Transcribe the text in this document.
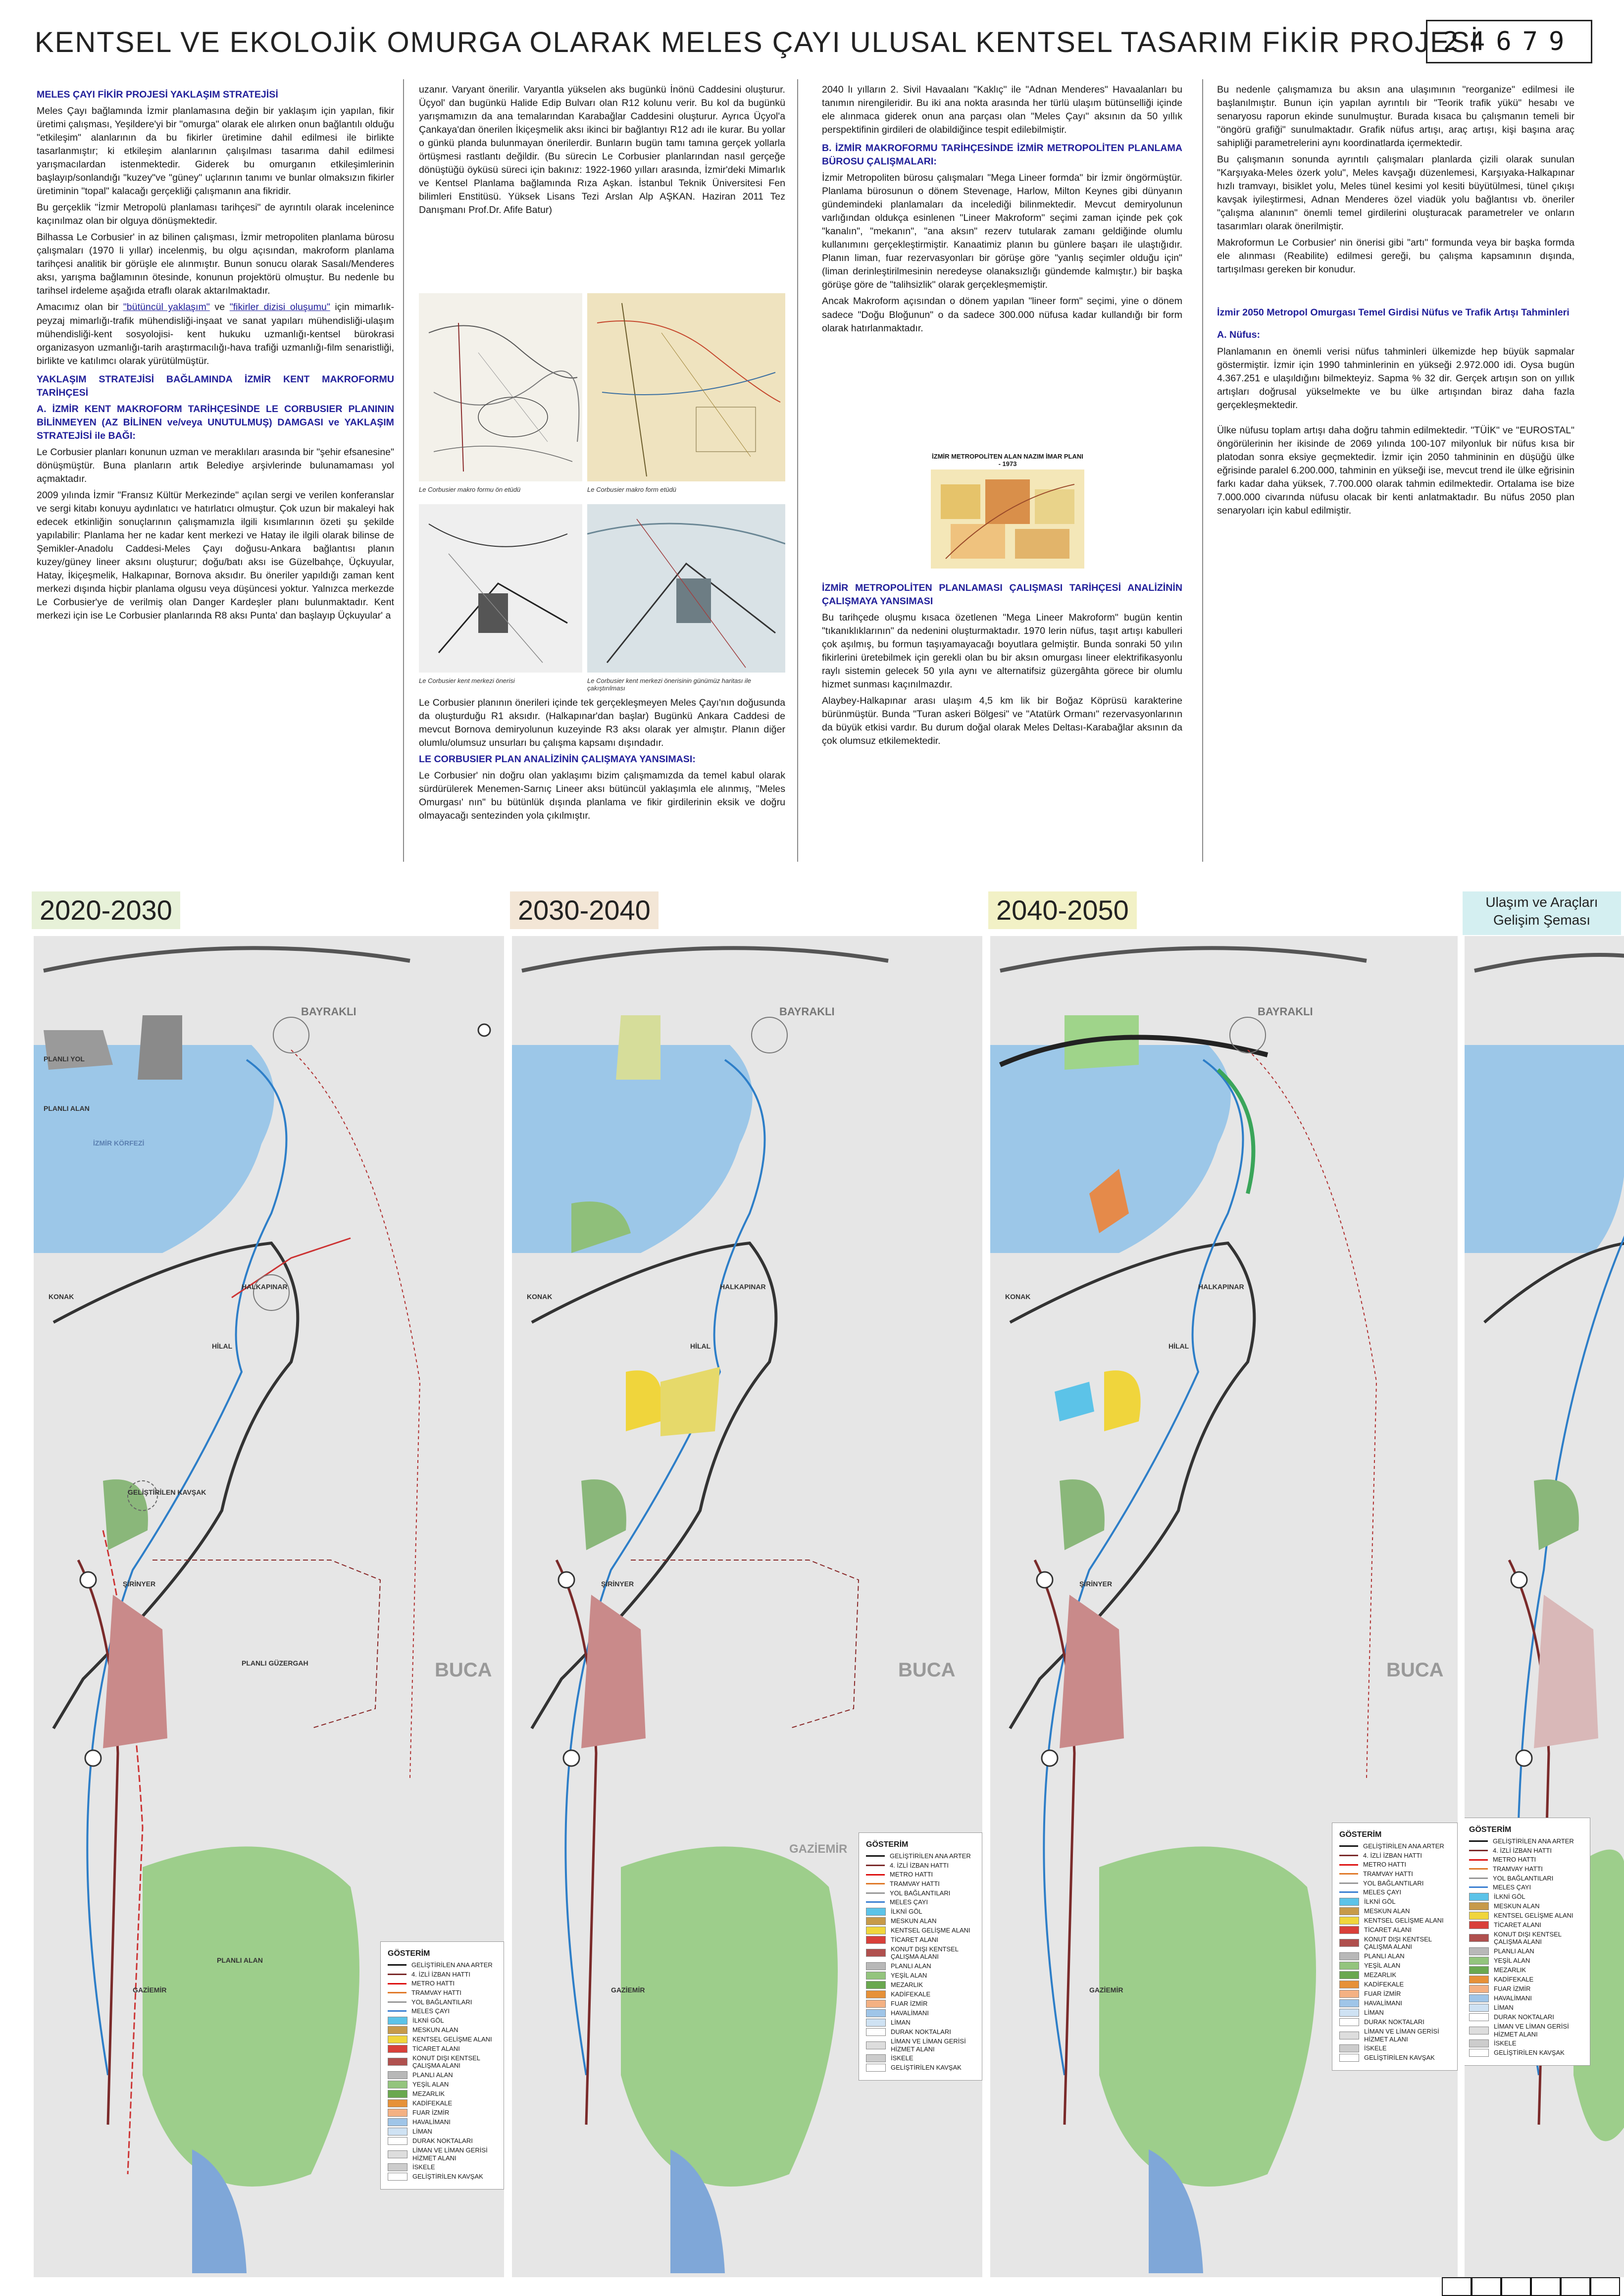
KENTSEL VE EKOLOJİK OMURGA OLARAK MELES ÇAYI ULUSAL KENTSEL TASARIM FİKİR PROJESİ
24679

MELES ÇAYI FİKİR PROJESİ YAKLAŞIM STRATEJİSİ

Meles Çayı bağlamında İzmir planlamasına değin bir yaklaşım için yapılan, fikir üretimi çalışması, Yeşildere'yi bir "omurga" olarak ele alırken onun bağlantılı olduğu "etkileşim" alanlarının da bu fikirler üretimine dahil edilmesi ile birlikte tasarlanmıştır; ki etkileşim alanlarının çalışılması tasarıma dahil edilmesi yarışmacılardan istenmektedir. Giderek bu omurganın etkileşimlerinin başlayıp/sonlandığı "kuzey"ve "güney" uçlarının tanımı ve bunlar olmaksızın fikirler üretiminin "topal" kalacağı gerçekliği çalışmanın ana fikridir.

Bu gerçeklik "İzmir Metropolü planlaması tarihçesi" de ayrıntılı olarak incelenince kaçınılmaz olan bir olguya dönüşmektedir.

Bilhassa Le Corbusier' in az bilinen çalışması, İzmir metropoliten planlama bürosu çalışmaları (1970 li yıllar) incelenmiş, bu olgu açısından, makroform planlama tarihçesi analitik bir görüşle ele alınmıştır. Bunun sonucu olarak Sasalı/Menderes aksı, yarışma bağlamının ötesinde, konunun projektörü olmuştur. Bu nedenle bu tarihsel irdeleme aşağıda etraflı olarak aktarılmaktadır.

Amacımız olan bir "bütüncül yaklaşım" ve "fikirler dizisi oluşumu" için mimarlık-peyzaj mimarlığı-trafik mühendisliği-inşaat ve sanat yapıları mühendisliği-ulaşım mühendisliği-kent sosyolojisi- kent hukuku uzmanlığı-kentsel bürokrasi organizasyon uzmanlığı-tarih araştırmacılığı-hava trafiği uzmanlığı-film senaristliği, birlikte ve katılımcı olarak yürütülmüştür.

YAKLAŞIM STRATEJİSİ BAĞLAMINDA İZMİR KENT MAKROFORMU TARİHÇESİ

A. İZMİR KENT MAKROFORM TARİHÇESİNDE LE CORBUSIER PLANININ BİLİNMEYEN (AZ BİLİNEN ve/veya UNUTULMUŞ) DAMGASI ve YAKLAŞIM STRATEJİSİ ile BAĞI:

Le Corbusier planları konunun uzman ve meraklıları arasında bir "şehir efsanesine" dönüşmüştür. Buna planların artık Belediye arşivlerinde bulunamaması yol açmaktadır.

2009 yılında İzmir "Fransız Kültür Merkezinde" açılan sergi ve verilen konferanslar ve sergi kitabı konuyu aydınlatıcı ve hatırlatıcı olmuştur. Çok uzun bir makaleyi hak edecek etkinliğin sonuçlarının çalışmamızla ilgili kısımlarının özeti şu şekilde yapılabilir: Planlama her ne kadar kent merkezi ve Hatay ile ilgili olarak bilinse de Şemikler-Anadolu Caddesi-Meles Çayı doğusu-Ankara bağlantısı planın kuzey/güney lineer aksını oluşturur; doğu/batı aksı ise Güzelbahçe, Üçkuyular, Hatay, İkiçeşmelik, Halkapınar, Bornova aksıdır. Bu öneriler yapıldığı zaman kent merkezi dışında hiçbir planlama olgusu veya düşüncesi yoktur. Yalnızca merkezde Le Corbusier'ye de verilmiş olan Danger Kardeşler planı bulunmaktadır. Kent merkezi için ise Le Corbusier planlarında R8 aksı Punta' dan başlayıp Üçkuyular' a

uzanır. Varyant önerilir. Varyantla yükselen aks bugünkü İnönü Caddesini oluşturur. Üçyol' dan bugünkü Halide Edip Bulvarı olan R12 kolunu verir. Bu kol da bugünkü yarışmamızın da ana temalarından Karabağlar Caddesini oluşturur. Ayrıca Üçyol'a Çankaya'dan önerilen İkiçeşmelik aksı ikinci bir bağlantıyı R12 adı ile kurar. Bu yollar o günkü planda bulunmayan önerilerdir. Bunların bugün tamı tamına gerçek yollarla örtüşmesi rastlantı değildir. (Bu sürecin Le Corbusier planlarından nasıl gerçeğe dönüştüğü öyküsü süreci için bakınız: 1922-1960 yılları arasında, İzmir'deki Mimarlık ve Kentsel Planlama bağlamında Rıza Aşkan. İstanbul Teknik Üniversitesi Fen bilimleri Enstitüsü. Yüksek Lisans Tezi Arslan Alp AŞKAN. Haziran 2011 Tez Danışmanı Prof.Dr. Afife Batur)

Le Corbusier makro formu ön etüdü	Le Corbusier makro form etüdü
Le Corbusier kent merkezi önerisi	Le Corbusier kent merkezi önerisinin günümüz haritası ile çakıştırılması

Le Corbusier planının önerileri içinde tek gerçekleşmeyen Meles Çayı'nın doğusunda da oluşturduğu R1 aksıdır. (Halkapınar'dan başlar) Bugünkü Ankara Caddesi de mevcut Bornova demiryolunun kuzeyinde R3 aksı olarak yer almıştır. Planın diğer olumlu/olumsuz unsurları bu çalışma kapsamı dışındadır.

LE CORBUSIER PLAN ANALİZİNİN ÇALIŞMAYA YANSIMASI:

Le Corbusier' nin doğru olan yaklaşımı bizim çalışmamızda da temel kabul olarak sürdürülerek Menemen-Sarnıç Lineer aksı bütüncül yaklaşımla ele alınmış, "Meles Omurgası' nın" bu bütünlük dışında planlama ve fikir girdilerinin eksik ve doğru olmayacağı sentezinden yola çıkılmıştır.

2040 lı yılların 2. Sivil Havaalanı "Kaklıç" ile "Adnan Menderes" Havaalanları bu tanımın nirengileridir. Bu iki ana nokta arasında her türlü ulaşım bütünselliği içinde ele alınmaca giderek onun ana parçası olan "Meles Çayı" aksının da 50 yıllık perspektifinin girdileri de olabildiğince tespit edilebilmiştir.

B. İZMİR MAKROFORMU TARİHÇESİNDE İZMİR METROPOLİTEN PLANLAMA BÜROSU ÇALIŞMALARI:

İzmir Metropoliten bürosu çalışmaları "Mega Lineer formda" bir İzmir öngörmüştür. Planlama bürosunun o dönem Stevenage, Harlow, Milton Keynes gibi dünyanın gündemindeki planlamaları da incelediği bilinmektedir. Mevcut demiryolunun varlığından oldukça esinlenen "Lineer Makroform" seçimi zaman içinde pek çok "kanalın", "mekanın", "ana aksın" rezerv tutularak zamanı geldiğinde olumlu kullanımını gerçekleştirmiştir. Kanaatimiz planın bu günlere başarı ile ulaştığıdır. Planın liman, fuar rezervasyonları bir görüşe göre "yanlış seçimler olduğu için" (liman derinleştirilmesinin neredeyse olanaksızlığı gündemde kalmıştır.) bir başka görüşe göre de "talihsizlik" olarak gerçekleşmemiştir.

Ancak Makroform açısından o dönem yapılan "lineer form" seçimi, yine o dönem sadece "Doğu Bloğunun" o da sadece 300.000 nüfusa kadar kullandığı bir form olarak hatırlanmaktadır.

İZMİR METROPOLİTEN ALAN NAZIM İMAR PLANI - 1973

İZMİR METROPOLİTEN PLANLAMASI ÇALIŞMASI TARİHÇESİ ANALİZİNİN ÇALIŞMAYA YANSIMASI

Bu tarihçede oluşmu kısaca özetlenen "Mega Lineer Makroform" bugün kentin "tıkanıklıklarının" da nedenini oluşturmaktadır. 1970 lerin nüfus, taşıt artışı kabulleri çok aşılmış, bu formun taşıyamayacağı boyutlara gelmiştir. Bunda sonraki 50 yılın fikirlerini üretebilmek için gerekli olan bu bir aksın omurgası lineer elektrifikasyonlu raylı sistemin gelecek 50 yıla aynı ve alternatifsiz güzergâhta görece bir olumlu hizmet sunması kaçınılmazdır.

Alaybey-Halkapınar arası ulaşım 4,5 km lik bir Boğaz Köprüsü karakterine bürünmüştür. Bunda "Turan askeri Bölgesi" ve "Atatürk Ormanı" rezervasyonlarının da büyük etkisi vardır. Bu durum doğal olarak Meles Deltası-Karabağlar aksının da çok olumsuz etkilemektedir.

Bu nedenle çalışmamıza bu aksın ana ulaşımının "reorganize" edilmesi ile başlanılmıştır. Bunun için yapılan ayrıntılı bir "Teorik trafik yükü" hesabı ve senaryosu raporun ekinde sunulmuştur. Burada kısaca bu çalışmanın temeli bir "öngörü grafiği" sunulmaktadır. Grafik nüfus artışı, araç artışı, kişi başına araç sahipliği parametrelerini aynı koordinatlarda içermektedir.

Bu çalışmanın sonunda ayrıntılı çalışmaları planlarda çizili olarak sunulan "Karşıyaka-Meles özerk yolu", Meles kavşağı düzenlemesi, Karşıyaka-Halkapınar hızlı tramvayı, bisiklet yolu, Meles tünel kesimi yol kesiti büyütülmesi, tünel çıkışı kavşak iyileştirmesi, Adnan Menderes özel viadük yolu bağlantısı vb. öneriler "çalışma alanının" önemli temel girdilerini oluşturacak parametreler ve onların tasarımları olarak önerilmiştir.

Makroformun Le Corbusier' nin önerisi gibi "artı" formunda veya bir başka formda ele alınması (Reabilite) edilmesi gereği, bu çalışma kapsamının dışında, tartışılması gereken bir konudur.

İzmir 2050 Metropol Omurgası Temel Girdisi Nüfus ve Trafik Artışı Tahminleri

A. Nüfus:

Planlamanın en önemli verisi nüfus tahminleri ülkemizde hep büyük sapmalar göstermiştir. İzmir için 1990 tahminlerinin en yükseği 2.972.000 idi. Oysa bugün 4.367.251 e ulaşıldığını bilmekteyiz. Sapma % 32 dir. Gerçek artışın son on yıllık artışları doğrusal yükselmekte ve bu ülke artışından biraz daha fazla gerçekleşmektedir.

Ülke nüfusu toplam artışı daha doğru tahmin edilmektedir. "TÜİK" ve "EUROSTAL" öngörülerinin her ikisinde de 2069 yılında 100-107 milyonluk bir nüfus kısa bir platodan sonra eksiye geçmektedir. İzmir için 2050 tahmininin en düşüğü ülke eğrisinde paralel 6.200.000, tahminin en yükseği ise, mevcut trend ile ülke eğrisinin farkı kadar daha yüksek, 7.700.000 olarak tahmin edilmektedir. Ortalama ise bize 7.000.000 civarında nüfusu olacak bir kenti anlatmaktadır. Bu nüfus 2050 plan senaryoları için kabul edilmiştir.

2020-2030	2030-2040	2040-2050	Ulaşım ve Araçları Gelişim Şeması
BAYRAKLI
BUCA
KONAK
HALKAPINAR
HİLAL
ŞİRİNYER
İZMİR KÖRFEZİ
PLANLI YOL
PLANLI ALAN
PLANLI GÜZERGAH
PLANLI ALAN
GELİŞTİRİLEN KAVŞAK
GAZİEMİR
GÖSTERİM
GELİŞTİRİLEN ANA ARTER
4. İZLİ İZBAN HATTI
METRO HATTI
TRAMVAY HATTI
YOL BAĞLANTILARI
MELES ÇAYI
İLKNİ GÖL
MESKUN ALAN
KENTSEL GELİŞME ALANI
TİCARET ALANI
KONUT DIŞI KENTSEL ÇALIŞMA ALANI
PLANLI ALAN
YEŞİL ALAN
MEZARLIK
KADİFEKALE
FUAR İZMİR
HAVALİMANI
LİMAN
DURAK NOKTALARI
LİMAN VE LİMAN GERİSİ HİZMET ALANI
İSKELE
GELİŞTİRİLEN KAVŞAK
BAYRAKLI
BUCA
GAZİEMİR
KONAK
HALKAPINAR
HİLAL
ŞİRİNYER
GAZİEMİR
GÖSTERİM
GELİŞTİRİLEN ANA ARTER
4. İZLİ İZBAN HATTI
METRO HATTI
TRAMVAY HATTI
YOL BAĞLANTILARI
MELES ÇAYI
İLKNİ GÖL
MESKUN ALAN
KENTSEL GELİŞME ALANI
TİCARET ALANI
KONUT DIŞI KENTSEL ÇALIŞMA ALANI
PLANLI ALAN
YEŞİL ALAN
MEZARLIK
KADİFEKALE
FUAR İZMİR
HAVALİMANI
LİMAN
DURAK NOKTALARI
LİMAN VE LİMAN GERİSİ HİZMET ALANI
İSKELE
GELİŞTİRİLEN KAVŞAK
BAYRAKLI
BUCA
KONAK
HALKAPINAR
HİLAL
ŞİRİNYER
GAZİEMİR
GÖSTERİM
GELİŞTİRİLEN ANA ARTER
4. İZLİ İZBAN HATTI
METRO HATTI
TRAMVAY HATTI
YOL BAĞLANTILARI
MELES ÇAYI
İLKNİ GÖL
MESKUN ALAN
KENTSEL GELİŞME ALANI
TİCARET ALANI
KONUT DIŞI KENTSEL ÇALIŞMA ALANI
PLANLI ALAN
YEŞİL ALAN
MEZARLIK
KADİFEKALE
FUAR İZMİR
HAVALİMANI
LİMAN
DURAK NOKTALARI
LİMAN VE LİMAN GERİSİ HİZMET ALANI
İSKELE
GELİŞTİRİLEN KAVŞAK
GÖSTERİM
GELİŞTİRİLEN ANA ARTER
4. İZLİ İZBAN HATTI
METRO HATTI
TRAMVAY HATTI
YOL BAĞLANTILARI
MELES ÇAYI
İLKNİ GÖL
MESKUN ALAN
KENTSEL GELİŞME ALANI
TİCARET ALANI
KONUT DIŞI KENTSEL ÇALIŞMA ALANI
PLANLI ALAN
YEŞİL ALAN
MEZARLIK
KADİFEKALE
FUAR İZMİR
HAVALİMANI
LİMAN
DURAK NOKTALARI
LİMAN VE LİMAN GERİSİ HİZMET ALANI
İSKELE
GELİŞTİRİLEN KAVŞAK
